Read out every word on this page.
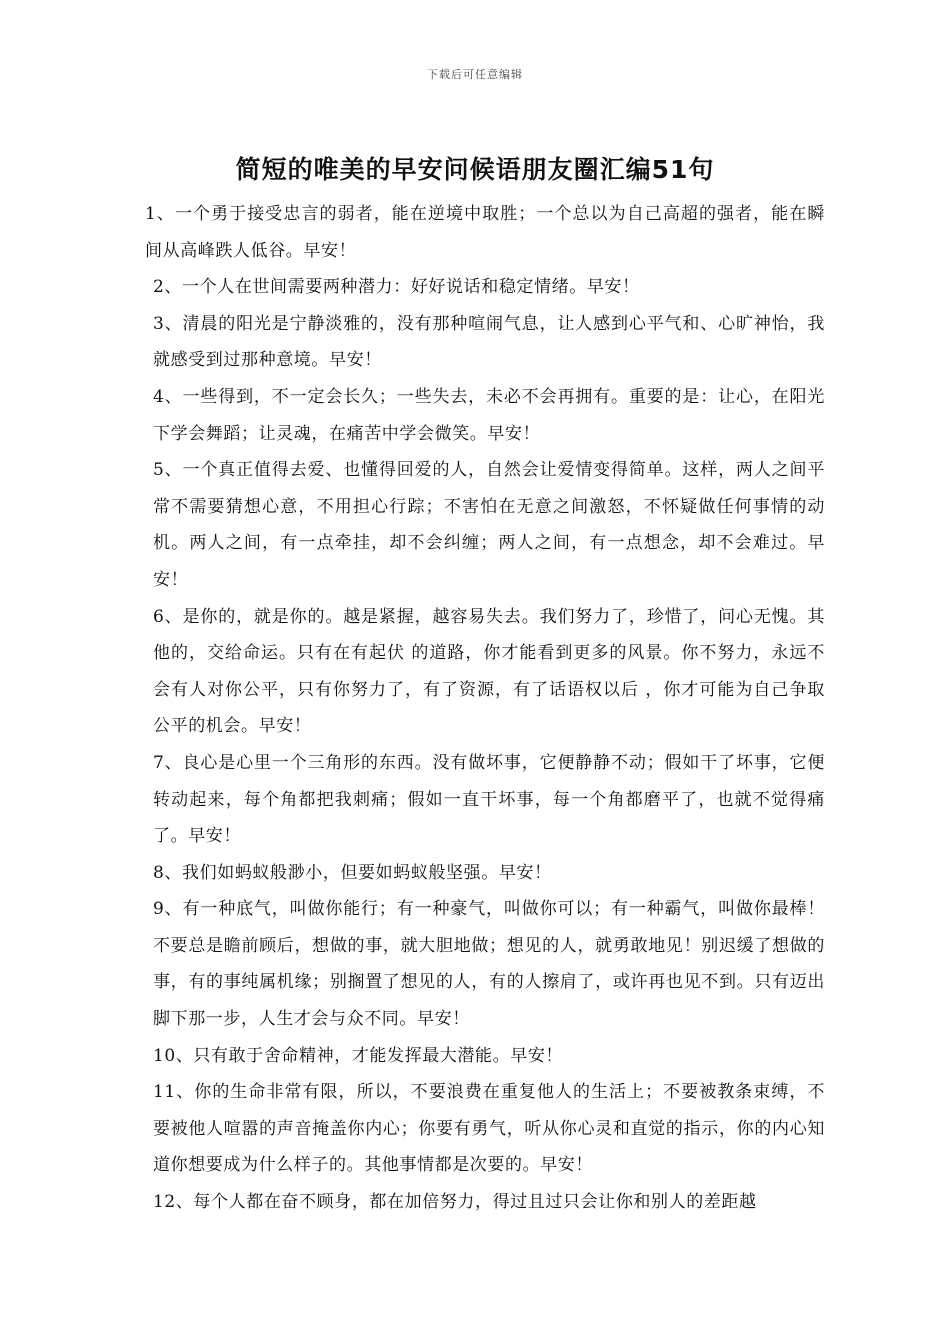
下载后可任意编辑
简短的唯美的早安问候语朋友圈汇编51句

1、一个勇于接受忠言的弱者，能在逆境中取胜；一个总以为自己高超的强者，能在瞬间从高峰跌人低谷。早安！

2、一个人在世间需要两种潜力：好好说话和稳定情绪。早安！

3、清晨的阳光是宁静淡雅的，没有那种喧闹气息，让人感到心平气和、心旷神怡，我就感受到过那种意境。早安！

4、一些得到，不一定会长久；一些失去，未必不会再拥有。重要的是：让心，在阳光下学会舞蹈；让灵魂，在痛苦中学会微笑。早安！

5、一个真正值得去爱、也懂得回爱的人，自然会让爱情变得简单。这样，两人之间平常不需要猜想心意，不用担心行踪；不害怕在无意之间激怒，不怀疑做任何事情的动机。两人之间，有一点牵挂，却不会纠缠；两人之间，有一点想念，却不会难过。早安！

6、是你的，就是你的。越是紧握，越容易失去。我们努力了，珍惜了，问心无愧。其他的，交给命运。只有在有起伏 的道路，你才能看到更多的风景。你不努力，永远不会有人对你公平，只有你努力了，有了资源，有了话语权以后 ，你才可能为自己争取公平的机会。早安！

7、良心是心里一个三角形的东西。没有做坏事，它便静静不动；假如干了坏事，它便转动起来，每个角都把我刺痛；假如一直干坏事，每一个角都磨平了，也就不觉得痛了。早安！

8、我们如蚂蚁般渺小，但要如蚂蚁般坚强。早安！

9、有一种底气，叫做你能行；有一种豪气，叫做你可以；有一种霸气，叫做你最棒！不要总是瞻前顾后，想做的事，就大胆地做；想见的人，就勇敢地见！别迟缓了想做的事，有的事纯属机缘；别搁置了想见的人，有的人擦肩了，或许再也见不到。只有迈出脚下那一步，人生才会与众不同。早安！

10、只有敢于舍命精神，才能发挥最大潜能。早安！

11、你的生命非常有限，所以，不要浪费在重复他人的生活上；不要被教条束缚，不要被他人喧嚣的声音掩盖你内心；你要有勇气，听从你心灵和直觉的指示，你的内心知道你想要成为什么样子的。其他事情都是次要的。早安！

12、每个人都在奋不顾身，都在加倍努力，得过且过只会让你和别人的差距越
